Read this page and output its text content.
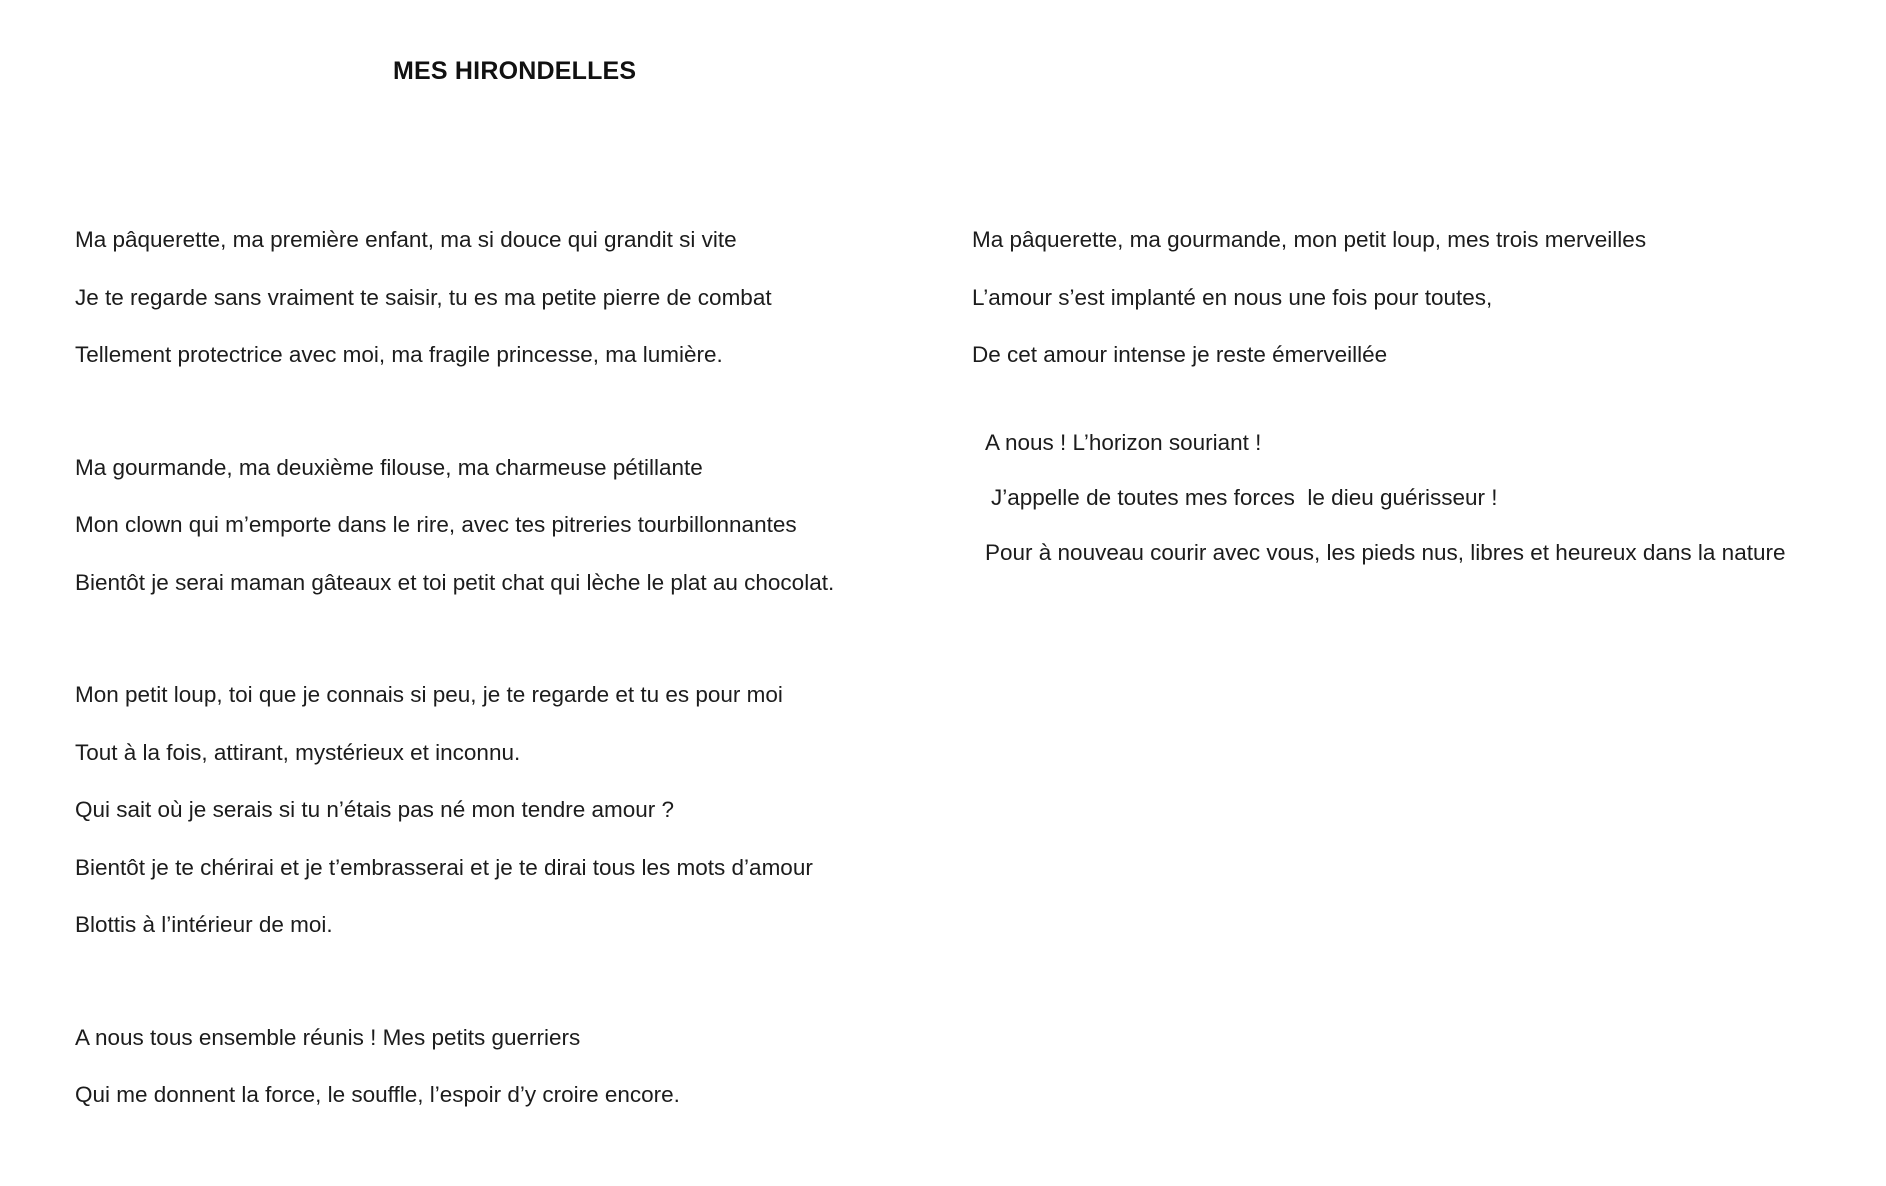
MES HIRONDELLES
Ma pâquerette, ma première enfant, ma si douce qui grandit si vite
Je te regarde sans vraiment te saisir, tu es ma petite pierre de combat
Tellement protectrice avec moi, ma fragile princesse, ma lumière.
Ma gourmande, ma deuxième filouse, ma charmeuse pétillante
Mon clown qui m’emporte dans le rire, avec tes pitreries tourbillonnantes
Bientôt je serai maman gâteaux et toi petit chat qui lèche le plat au chocolat.
Mon petit loup, toi que je connais si peu, je te regarde et tu es pour moi
Tout à la fois, attirant, mystérieux et inconnu.
Qui sait où je serais si tu n’étais pas né mon tendre amour ?
Bientôt je te chérirai et je t’embrasserai et je te dirai tous les mots d’amour
Blottis à l’intérieur de moi.
A nous tous ensemble réunis ! Mes petits guerriers
Qui me donnent la force, le souffle, l’espoir d’y croire encore.
Ma pâquerette, ma gourmande, mon petit loup, mes trois merveilles
L’amour s’est implanté en nous une fois pour toutes,
De cet amour intense je reste émerveillée
A nous ! L’horizon souriant !
J’appelle de toutes mes forces  le dieu guérisseur !
Pour à nouveau courir avec vous, les pieds nus, libres et heureux dans la nature
